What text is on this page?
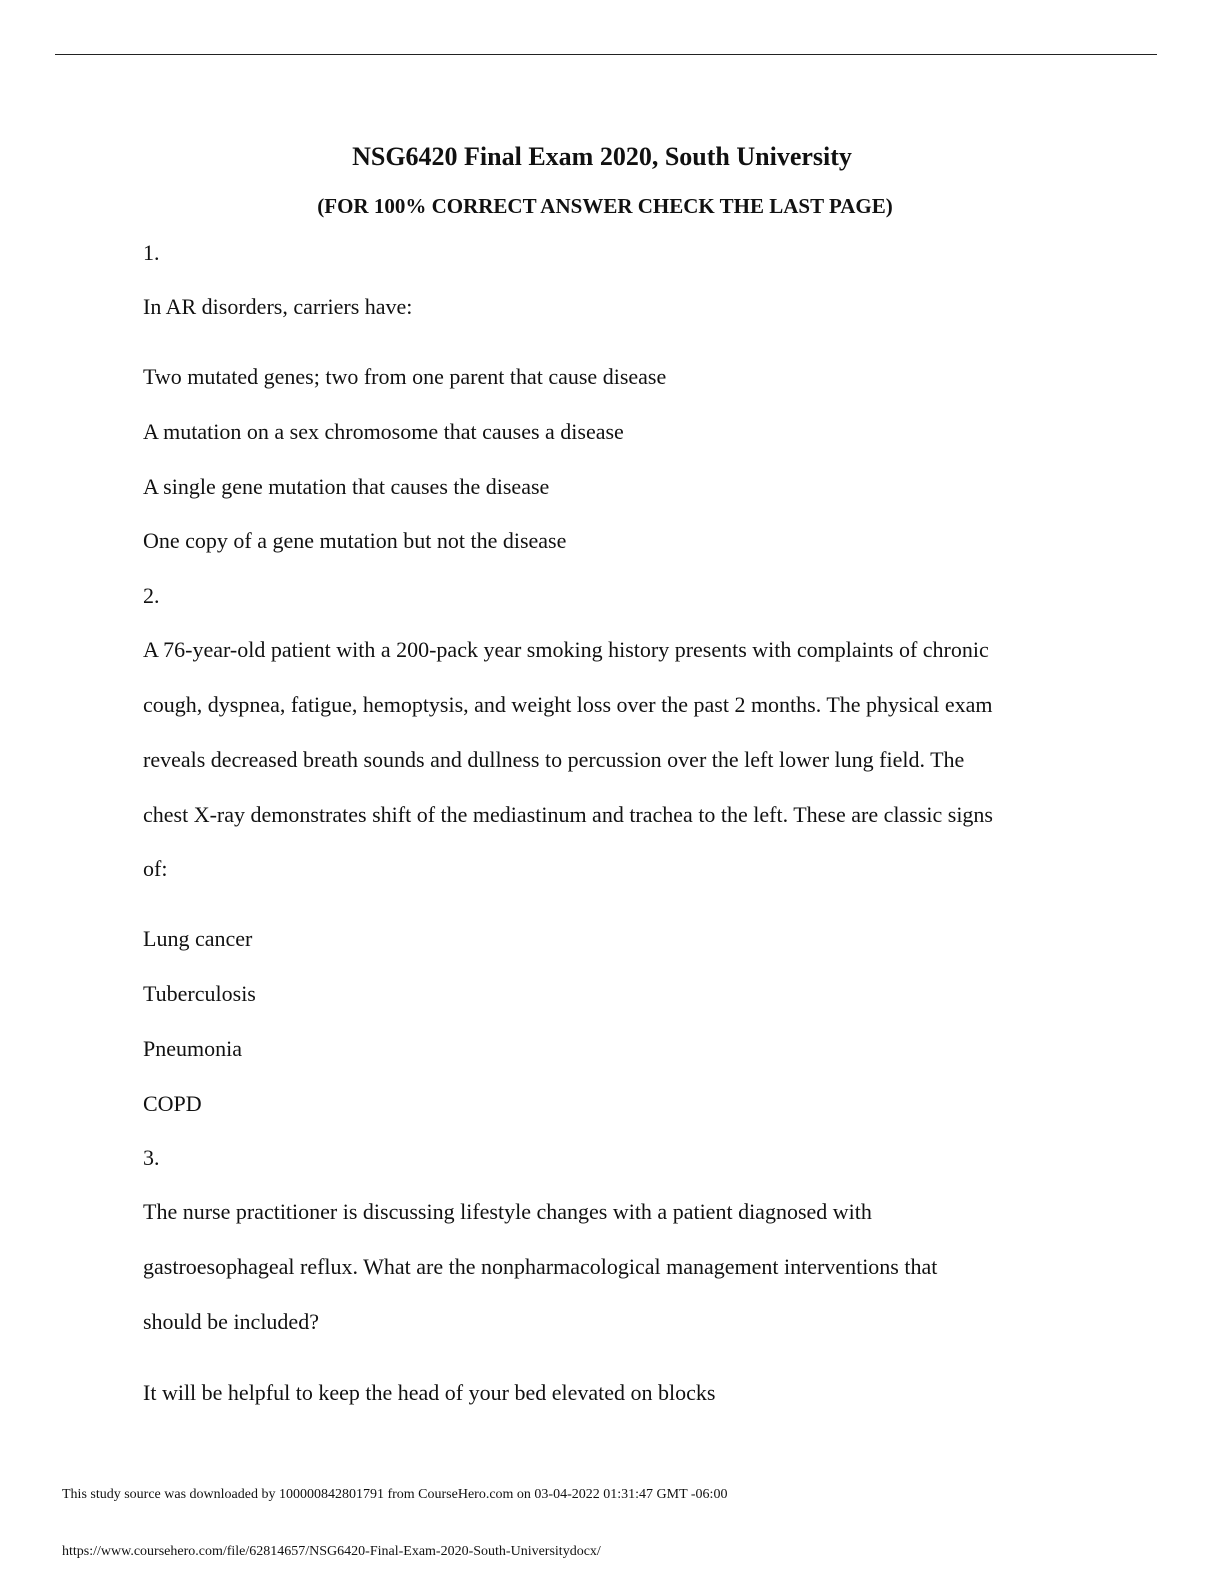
NSG6420 Final Exam 2020, South University
(FOR 100% CORRECT ANSWER CHECK THE LAST PAGE)
1.
In AR disorders, carriers have:
Two mutated genes; two from one parent that cause disease
A mutation on a sex chromosome that causes a disease
A single gene mutation that causes the disease
One copy of a gene mutation but not the disease
2.
A 76-year-old patient with a 200-pack year smoking history presents with complaints of chronic
cough, dyspnea, fatigue, hemoptysis, and weight loss over the past 2 months. The physical exam
reveals decreased breath sounds and dullness to percussion over the left lower lung field. The
chest X-ray demonstrates shift of the mediastinum and trachea to the left. These are classic signs
of:
Lung cancer
Tuberculosis
Pneumonia
COPD
3.
The nurse practitioner is discussing lifestyle changes with a patient diagnosed with
gastroesophageal reflux. What are the nonpharmacological management interventions that
should be included?
It will be helpful to keep the head of your bed elevated on blocks
This study source was downloaded by 100000842801791 from CourseHero.com on 03-04-2022 01:31:47 GMT -06:00
https://www.coursehero.com/file/62814657/NSG6420-Final-Exam-2020-South-Universitydocx/
